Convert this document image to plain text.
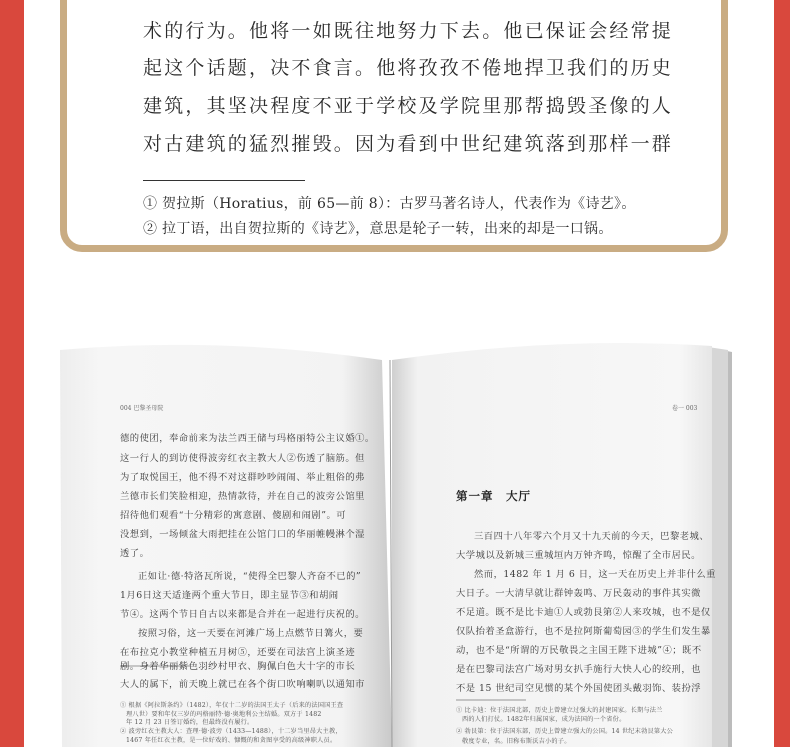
术的行为。他将一如既往地努力下去。他已保证会经常提
起这个话题，决不食言。他将孜孜不倦地捍卫我们的历史
建筑，其坚决程度不亚于学校及学院里那帮捣毁圣像的人
对古建筑的猛烈摧毁。因为看到中世纪建筑落到那样一群
① 贺拉斯（Horatius，前 65—前 8）：古罗马著名诗人，代表作为《诗艺》。
② 拉丁语，出自贺拉斯的《诗艺》，意思是轮子一转，出来的却是一口锅。
004 巴黎圣母院
德的使团，奉命前来为法兰西王储与玛格丽特公主议婚①。
这一行人的到访使得波旁红衣主教大人②伤透了脑筋。但
为了取悦国王，他不得不对这群吵吵闹闹、举止粗俗的弗
兰德市长们笑脸相迎，热情款待，并在自己的波旁公馆里
招待他们观看“十分精彩的寓意剧、傻剧和闹剧”。可
没想到，一场倾盆大雨把挂在公馆门口的华丽帷幔淋个湿
透了。
正如让·德·特洛瓦所说，“使得全巴黎人齐奋不已的”
1月6日这天适逢两个重大节日，即主显节③和胡闹
节④。这两个节日自古以来都是合并在一起进行庆祝的。
按照习俗，这一天要在河滩广场上点燃节日篝火，要
在布拉克小教堂种植五月树⑤，还要在司法宫上演圣迹
剧。身着华丽紫色羽纱村甲衣、胸佩白色大十字的市长
大人的属下，前天晚上就已在各个街口吹响喇叭以通知市
① 根据《阿拉斯条约》（1482），年仅十二岁的法国王太子（后来的法国国王查
理八世）要和年仅三岁的玛格丽特·德·奥地利公主结婚。双方于 1482
年 12 月 23 日签订婚约，但最终没有履行。
② 波旁红衣主教大人：查理·德·波旁（1433—1488），十二岁当里昂大主教，
1467 年任红衣主教，是一位好戏的、慷慨的和贪图享受的高级神职人员。
卷一 003
第一章　大厅
三百四十八年零六个月又十九天前的今天，巴黎老城、
大学城以及新城三重城垣内万钟齐鸣，惊醒了全市居民。
然而，1482 年 1 月 6 日，这一天在历史上并非什么重
大日子。一大清早就让群钟轰鸣、万民轰动的事件其实微
不足道。既不是比卡迪①人或勃艮第②人来攻城，也不是仅
仅队抬着圣盒游行，也不是拉阿斯葡萄园③的学生们发生暴
动，也不是“所谓的万民敬畏之主国王陛下进城”④；既不
是在巴黎司法宫广场对男女扒手施行大快人心的绞刑，也
不是 15 世纪司空见惯的某个外国使团头戴羽饰、装扮浮
① 比卡迪：位于法国北部，历史上曾建立过强大的封建国家。长期与法兰
西的人们打仗。1482年归属国家，成为法国的一个省份。
② 勃艮第：位于法国东部，历史上曾建立强大的公国。14 世纪末勃艮第大公
敬度专业，名。旧称布斯沃吉小的子。
